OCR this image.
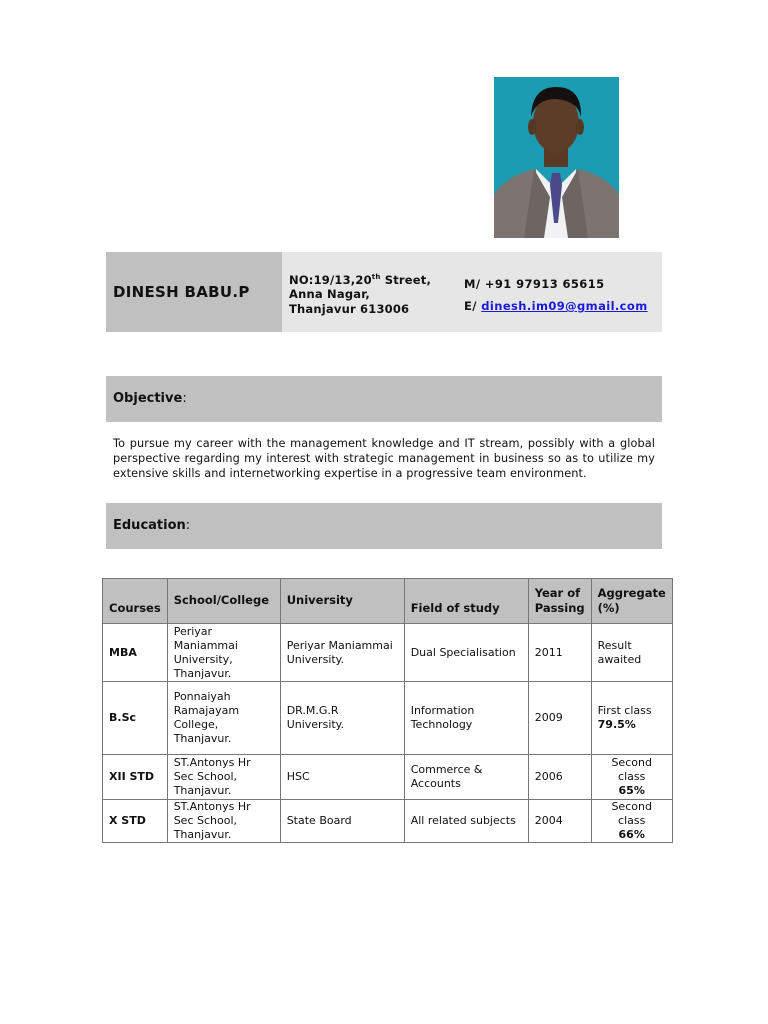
DINESH BABU.P
NO:19/13,20th Street,
Anna Nagar,
Thanjavur 613006
M/ +91 97913 65615
E/ dinesh.im09@gmail.com
Objective:
To pursue my career with the management knowledge and IT stream, possibly with a global perspective regarding my interest with strategic management in business so as to utilize my extensive skills and internetworking expertise in a progressive team environment.
Education:
Courses	School/College	University	Field of study	Year of Passing	Aggregate (%)
MBA	Periyar Maniammai University, Thanjavur.	Periyar Maniammai University.	Dual Specialisation	2011	Result awaited

B.Sc	Ponnaiyah Ramajayam College, Thanjavur.	DR.M.G.R University.	Information Technology	2009	First class
79.5%

XII STD	ST.Antonys Hr Sec School, Thanjavur.	HSC	Commerce & Accounts	2006	Second class
65%

X STD	ST.Antonys Hr Sec School, Thanjavur.	State Board	All related subjects	2004	Second class
66%
